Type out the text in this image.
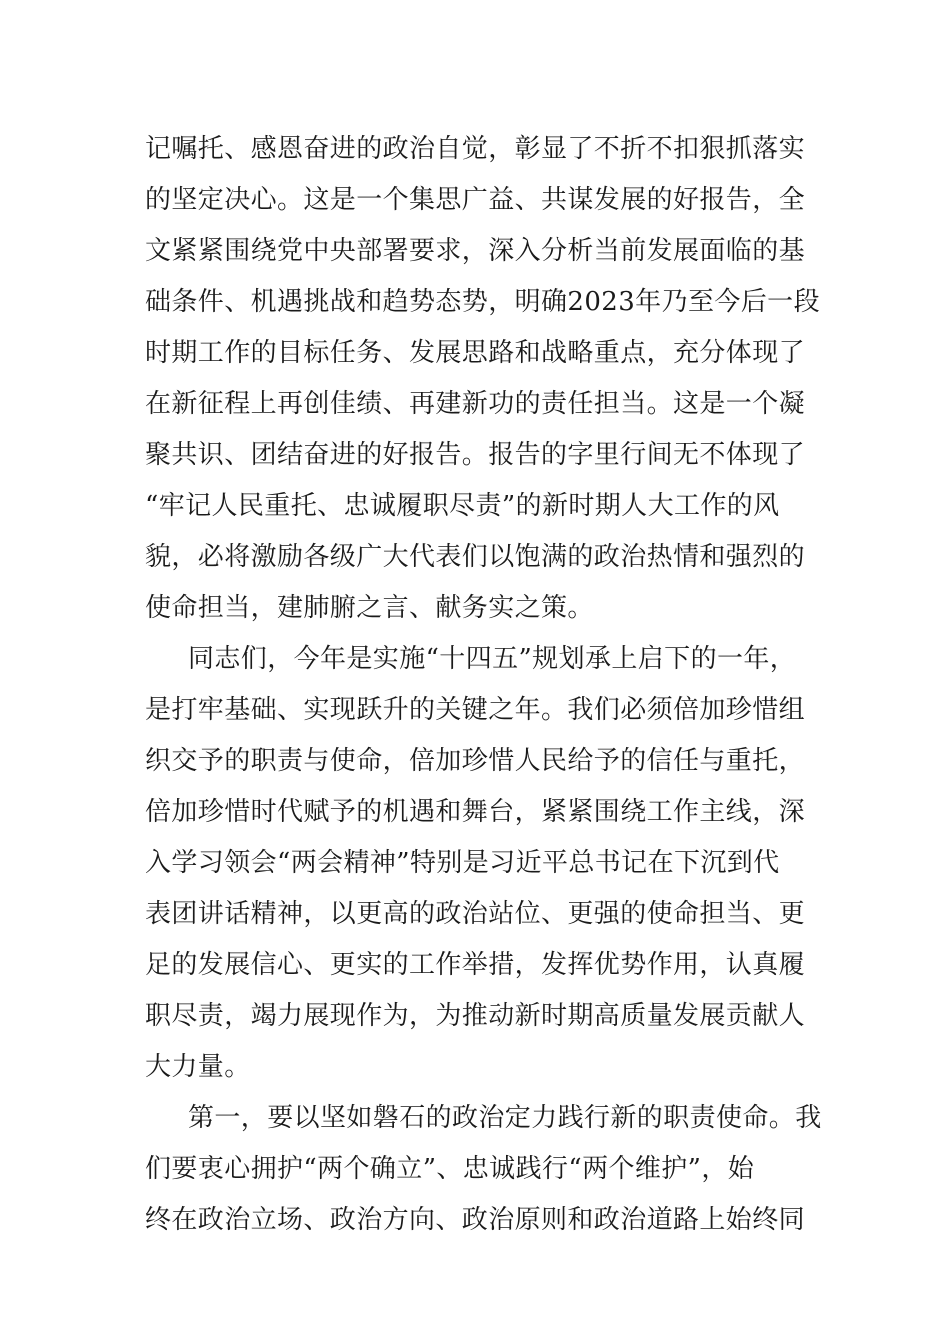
记嘱托、感恩奋进的政治自觉，彰显了不折不扣狠抓落实
的坚定决心。这是一个集思广益、共谋发展的好报告，全
文紧紧围绕党中央部署要求，深入分析当前发展面临的基
础条件、机遇挑战和趋势态势，明确2023年乃至今后一段
时期工作的目标任务、发展思路和战略重点，充分体现了
在新征程上再创佳绩、再建新功的责任担当。这是一个凝
聚共识、团结奋进的好报告。报告的字里行间无不体现了
“牢记人民重托、忠诚履职尽责”的新时期人大工作的风
貌，必将激励各级广大代表们以饱满的政治热情和强烈的
使命担当，建肺腑之言、献务实之策。
同志们，今年是实施“十四五”规划承上启下的一年，
是打牢基础、实现跃升的关键之年。我们必须倍加珍惜组
织交予的职责与使命，倍加珍惜人民给予的信任与重托，
倍加珍惜时代赋予的机遇和舞台，紧紧围绕工作主线，深
入学习领会“两会精神”特别是习近平总书记在下沉到代
表团讲话精神，以更高的政治站位、更强的使命担当、更
足的发展信心、更实的工作举措，发挥优势作用，认真履
职尽责，竭力展现作为，为推动新时期高质量发展贡献人
大力量。
第一，要以坚如磐石的政治定力践行新的职责使命。我
们要衷心拥护“两个确立”、忠诚践行“两个维护”，始
终在政治立场、政治方向、政治原则和政治道路上始终同
